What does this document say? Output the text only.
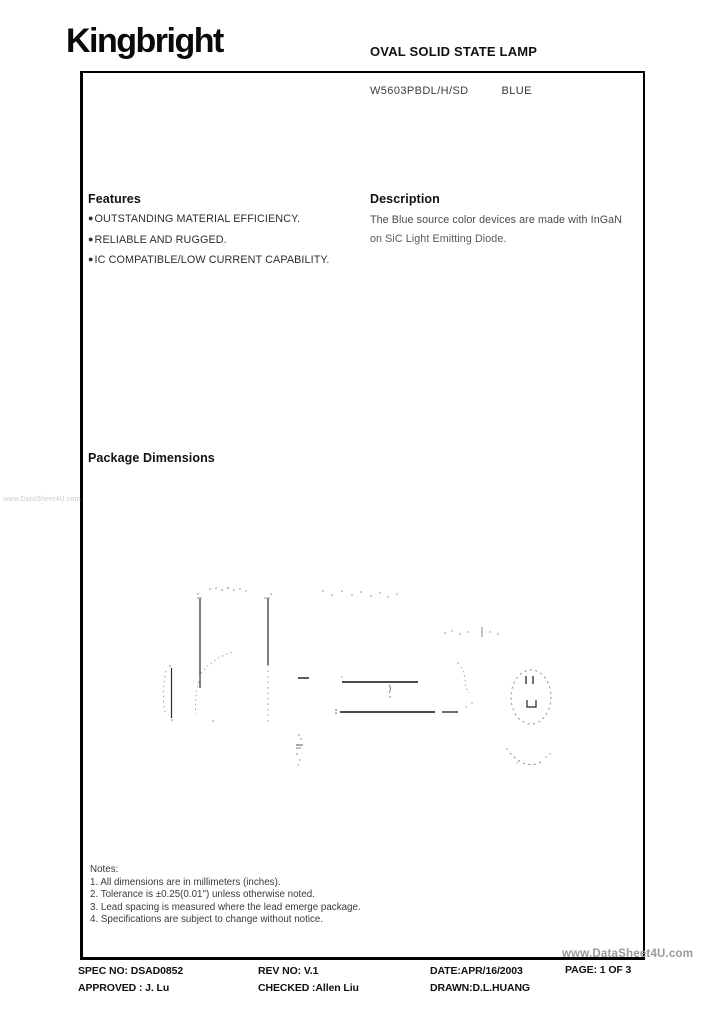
Kingbright	OVAL SOLID STATE LAMP
W5603PBDL/H/SD	BLUE
Features
●OUTSTANDING MATERIAL EFFICIENCY.
●RELIABLE AND RUGGED.
●IC COMPATIBLE/LOW CURRENT CAPABILITY.
Description
The Blue source color devices are made with InGaN
on SiC Light Emitting Diode.
Package Dimensions
Notes:
1. All dimensions are in millimeters (inches).
2. Tolerance is ±0.25(0.01") unless otherwise noted.
3. Lead spacing is measured where the lead emerge package.
4. Specifications are subject to change without notice.
SPEC NO: DSAD0852	REV NO: V.1	DATE:APR/16/2003	PAGE: 1 OF 3
APPROVED : J. Lu	CHECKED :Allen Liu	DRAWN:D.L.HUANG
www.DataSheet4U.com
www.DataSheet4U.com
